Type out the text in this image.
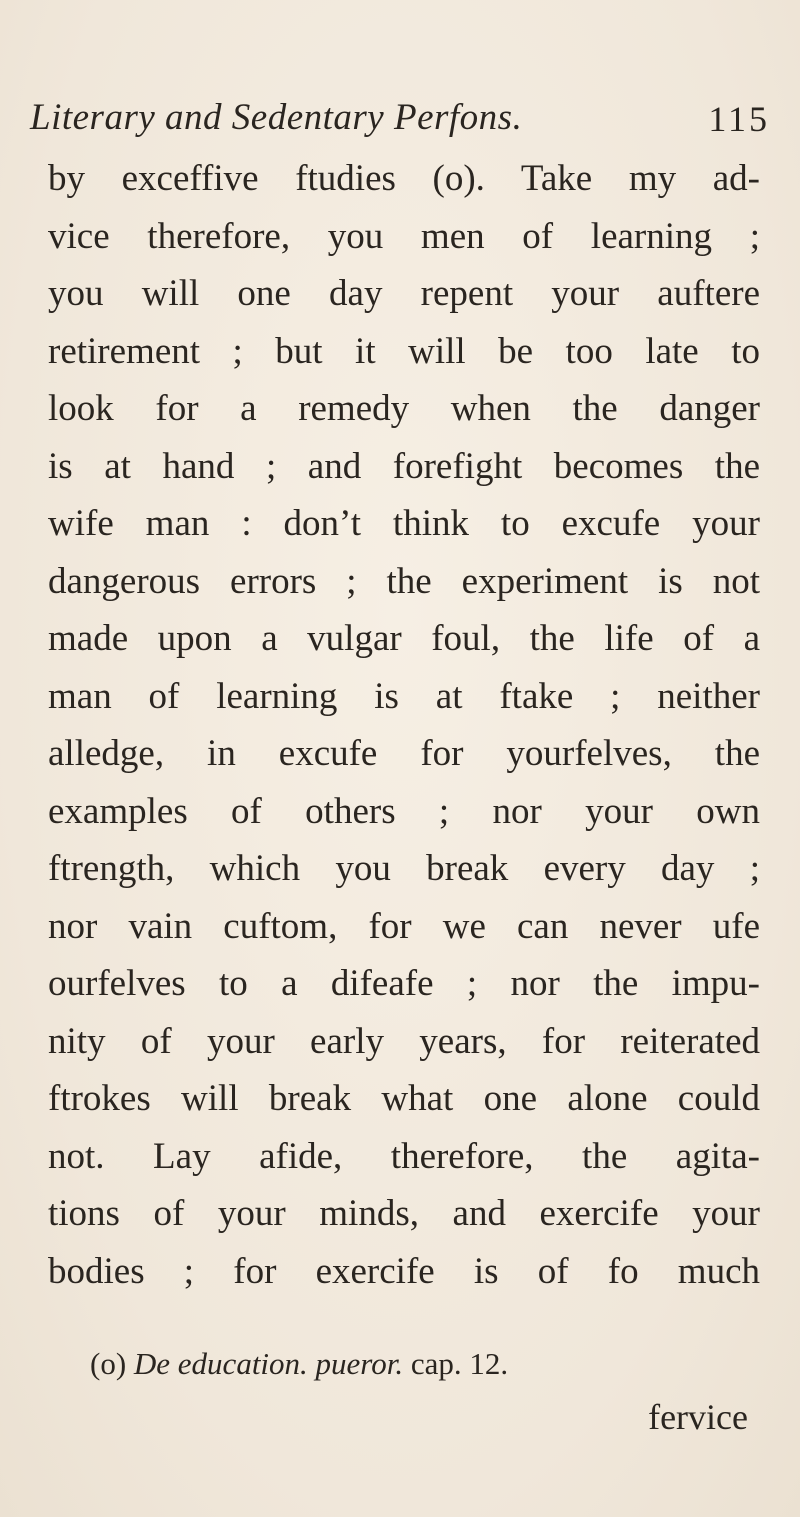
Literary and Sedentary Perfons.	115
by exceffive ftudies (o). Take my ad-
vice therefore, you men of learning ;
you will one day repent your auftere
retirement ; but it will be too late to
look for a remedy when the danger
is at hand ; and forefight becomes the
wife man : don’t think to excufe your
dangerous errors ; the experiment is not
made upon a vulgar foul, the life of a
man of learning is at ftake ; neither
alledge, in excufe for yourfelves, the
examples of others ; nor your own
ftrength, which you break every day ;
nor vain cuftom, for we can never ufe
ourfelves to a difeafe ; nor the impu-
nity of your early years, for reiterated
ftrokes will break what one alone could
not. Lay afide, therefore, the agita-
tions of your minds, and exercife your
bodies ; for exercife is of fo much
(o) De education. pueror. cap. 12.
fervice
